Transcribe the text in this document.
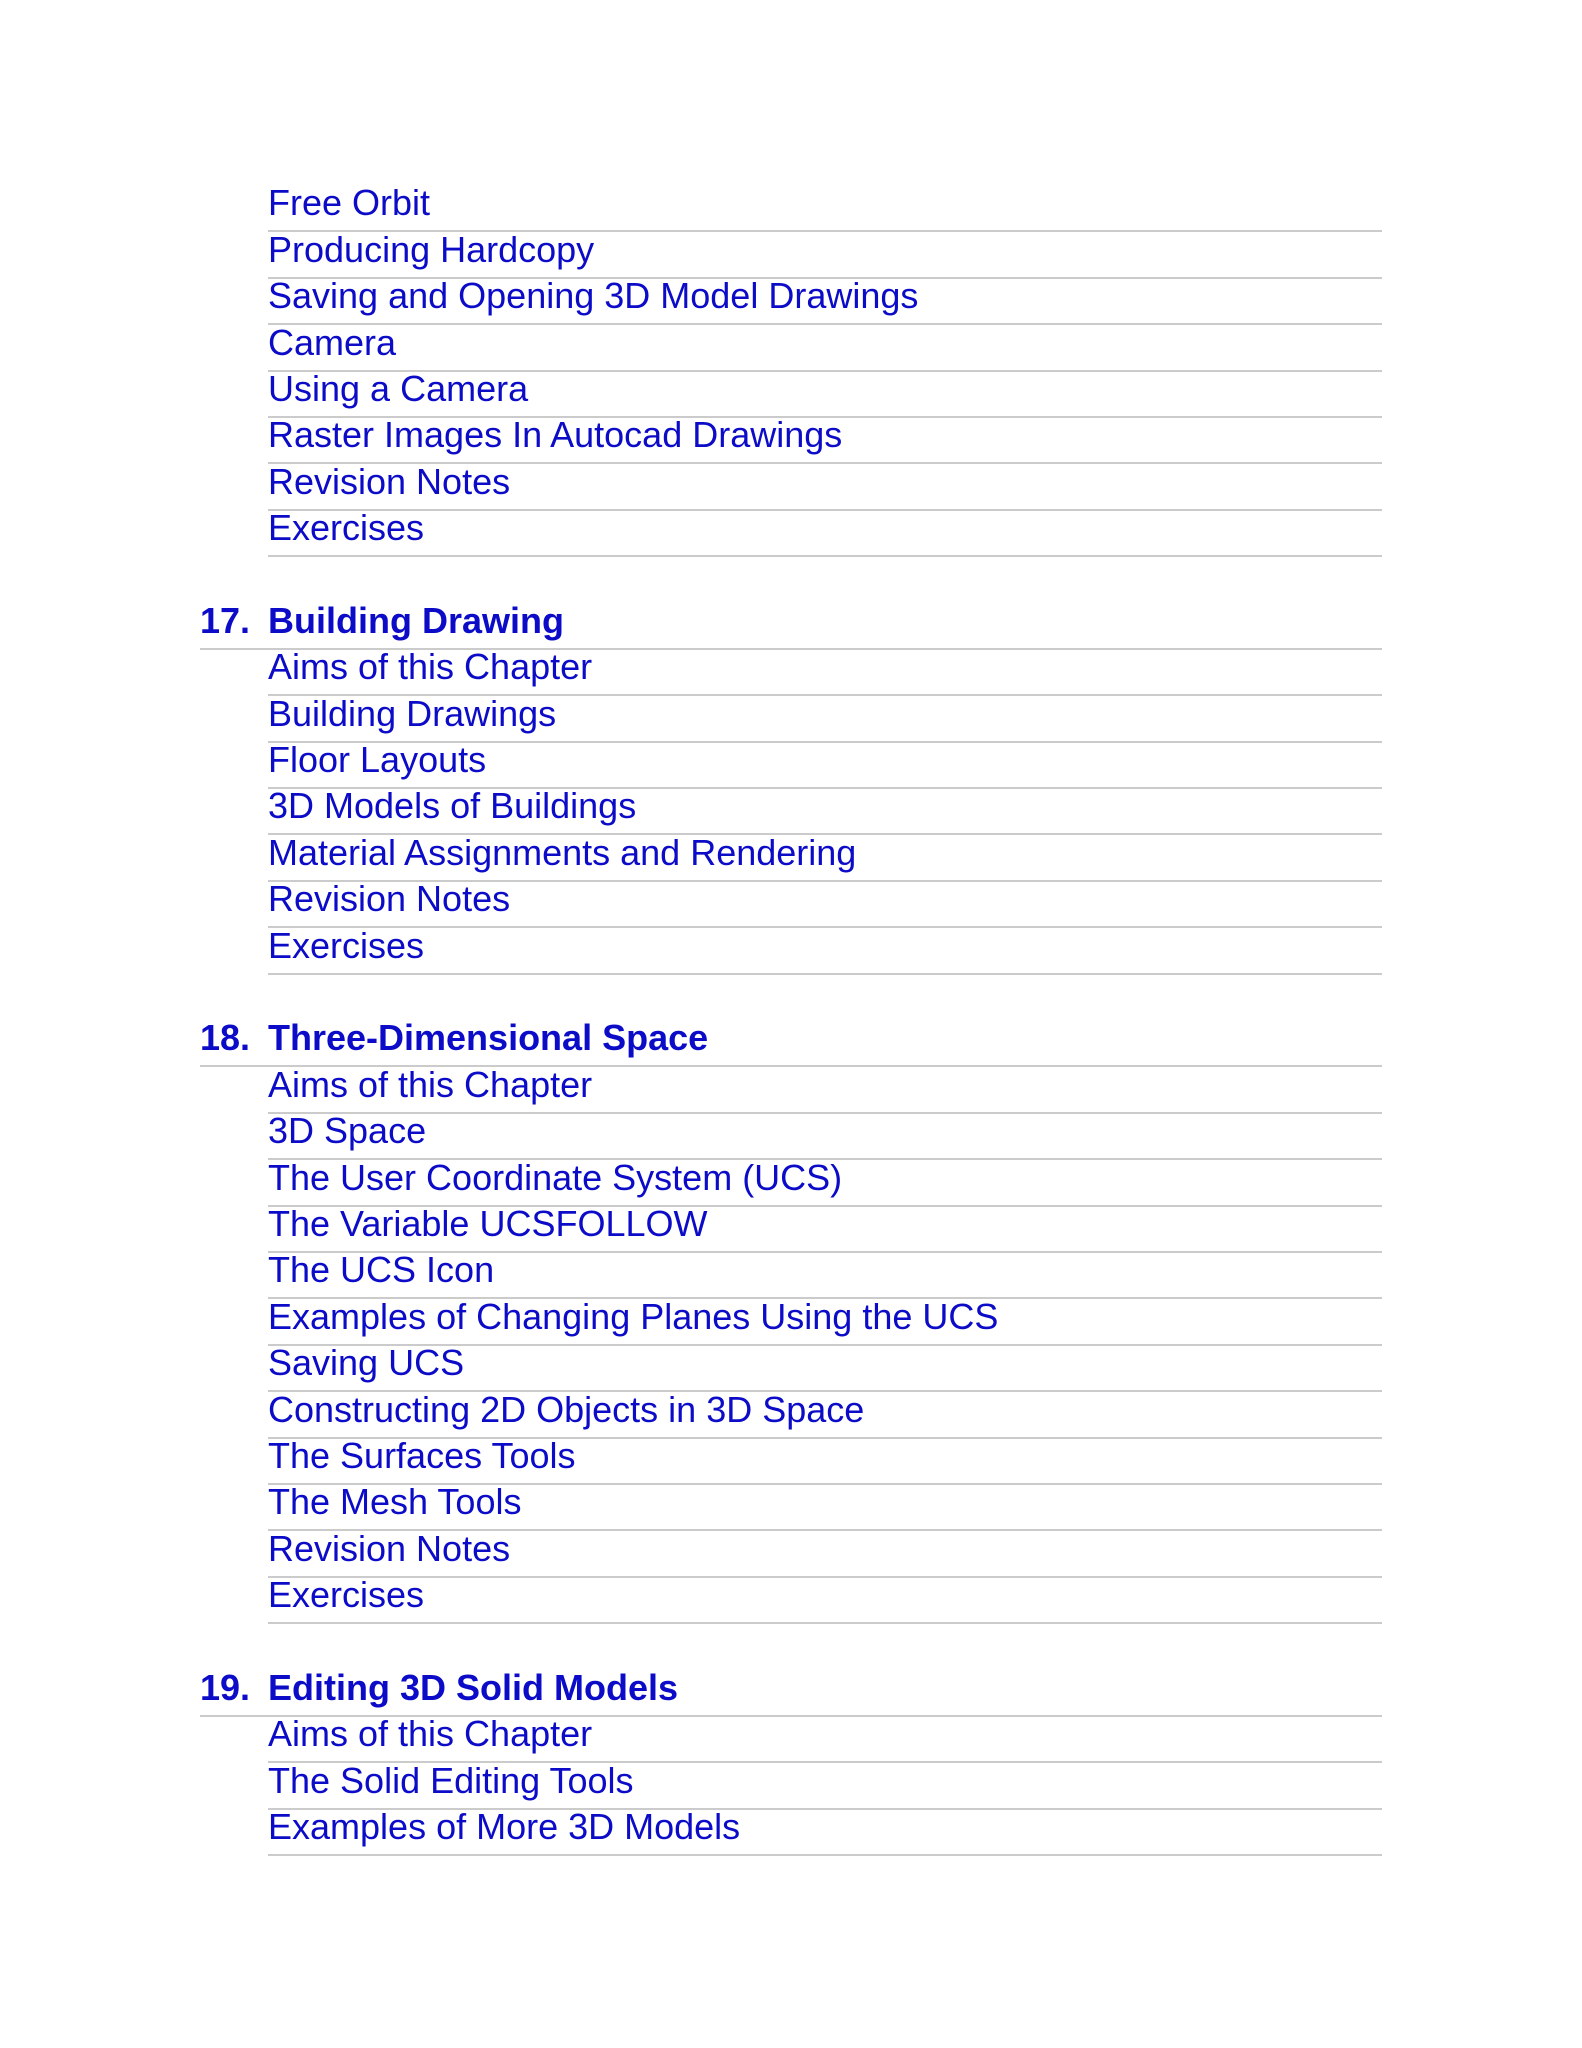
Free Orbit
Producing Hardcopy
Saving and Opening 3D Model Drawings
Camera
Using a Camera
Raster Images In Autocad Drawings
Revision Notes
Exercises
17. Building Drawing
Aims of this Chapter
Building Drawings
Floor Layouts
3D Models of Buildings
Material Assignments and Rendering
Revision Notes
Exercises
18. Three-Dimensional Space
Aims of this Chapter
3D Space
The User Coordinate System (UCS)
The Variable UCSFOLLOW
The UCS Icon
Examples of Changing Planes Using the UCS
Saving UCS
Constructing 2D Objects in 3D Space
The Surfaces Tools
The Mesh Tools
Revision Notes
Exercises
19. Editing 3D Solid Models
Aims of this Chapter
The Solid Editing Tools
Examples of More 3D Models
